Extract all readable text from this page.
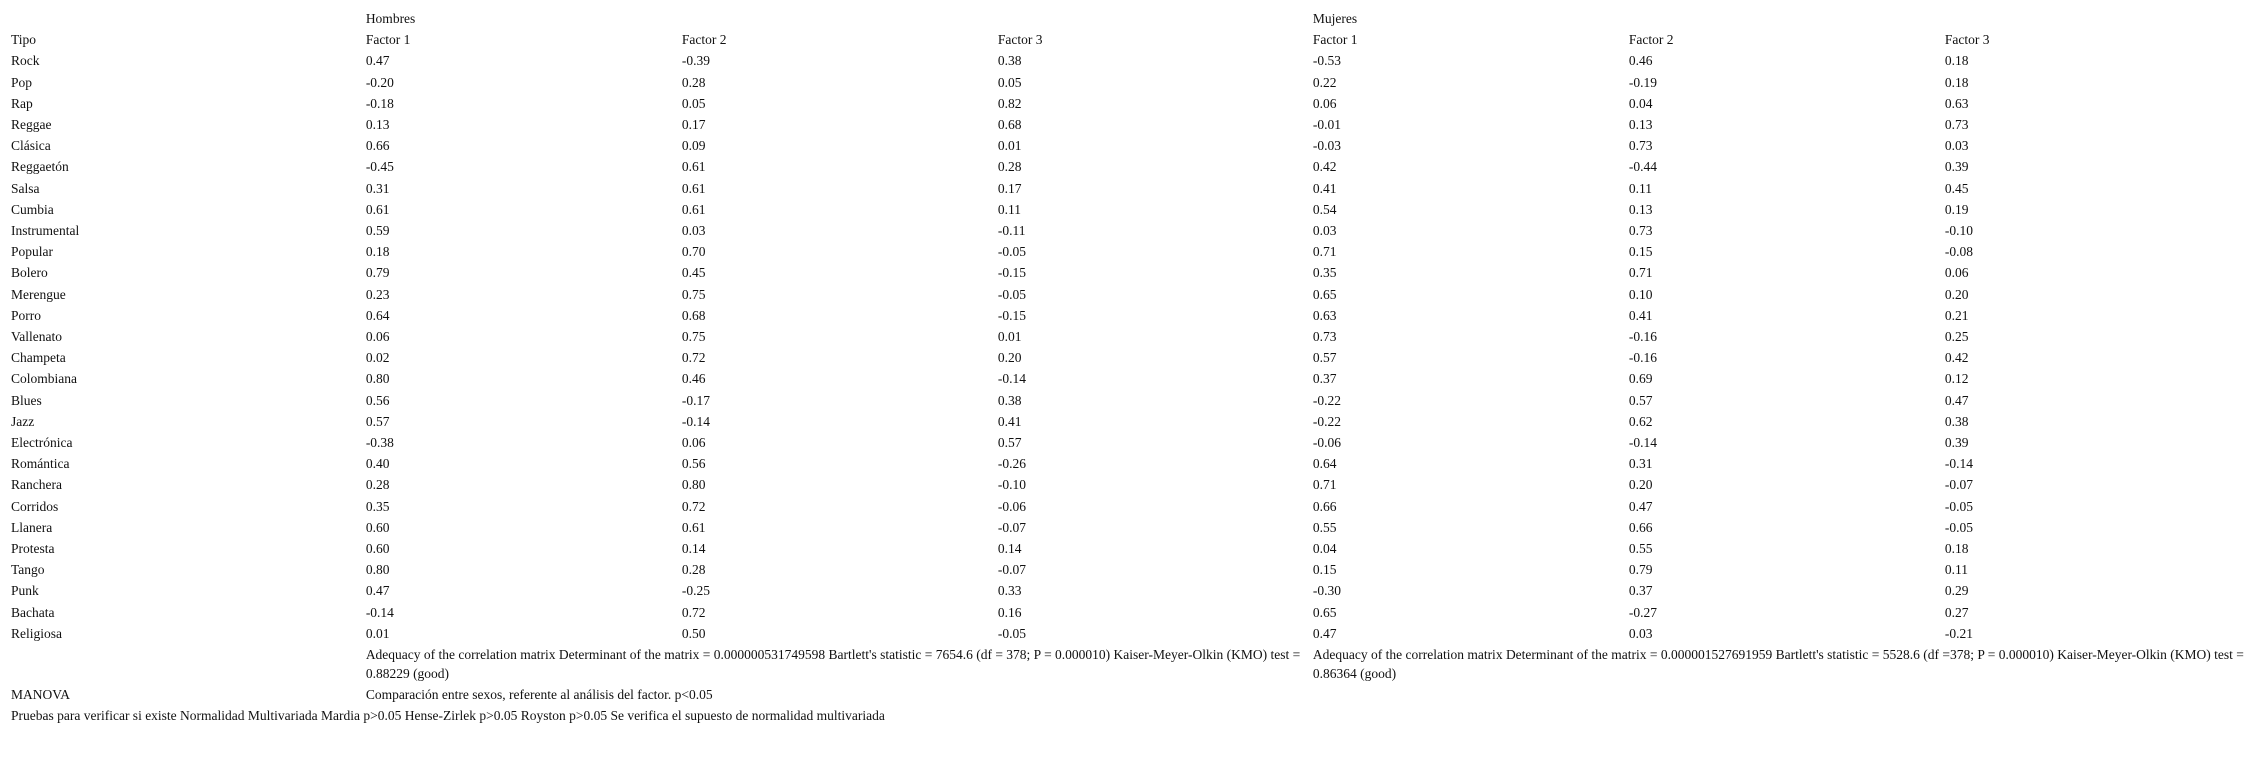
	Hombres			Mujeres		
Tipo	Factor 1	Factor 2	Factor 3	Factor 1	Factor 2	Factor 3
Rock	0.47	-0.39	0.38	-0.53	0.46	0.18
Pop	-0.20	0.28	0.05	0.22	-0.19	0.18
Rap	-0.18	0.05	0.82	0.06	0.04	0.63
Reggae	0.13	0.17	0.68	-0.01	0.13	0.73
Clásica	0.66	0.09	0.01	-0.03	0.73	0.03
Reggaetón	-0.45	0.61	0.28	0.42	-0.44	0.39
Salsa	0.31	0.61	0.17	0.41	0.11	0.45
Cumbia	0.61	0.61	0.11	0.54	0.13	0.19
Instrumental	0.59	0.03	-0.11	0.03	0.73	-0.10
Popular	0.18	0.70	-0.05	0.71	0.15	-0.08
Bolero	0.79	0.45	-0.15	0.35	0.71	0.06
Merengue	0.23	0.75	-0.05	0.65	0.10	0.20
Porro	0.64	0.68	-0.15	0.63	0.41	0.21
Vallenato	0.06	0.75	0.01	0.73	-0.16	0.25
Champeta	0.02	0.72	0.20	0.57	-0.16	0.42
Colombiana	0.80	0.46	-0.14	0.37	0.69	0.12
Blues	0.56	-0.17	0.38	-0.22	0.57	0.47
Jazz	0.57	-0.14	0.41	-0.22	0.62	0.38
Electrónica	-0.38	0.06	0.57	-0.06	-0.14	0.39
Romántica	0.40	0.56	-0.26	0.64	0.31	-0.14
Ranchera	0.28	0.80	-0.10	0.71	0.20	-0.07
Corridos	0.35	0.72	-0.06	0.66	0.47	-0.05
Llanera	0.60	0.61	-0.07	0.55	0.66	-0.05
Protesta	0.60	0.14	0.14	0.04	0.55	0.18
Tango	0.80	0.28	-0.07	0.15	0.79	0.11
Punk	0.47	-0.25	0.33	-0.30	0.37	0.29
Bachata	-0.14	0.72	0.16	0.65	-0.27	0.27
Religiosa	0.01	0.50	-0.05	0.47	0.03	-0.21
	Adequacy of the correlation matrix Determinant of the matrix = 0.000000531749598 Bartlett's statistic = 7654.6 (df = 378; P = 0.000010) Kaiser-Meyer-Olkin (KMO) test = 0.88229 (good)			Adequacy of the correlation matrix Determinant of the matrix = 0.000001527691959 Bartlett's statistic = 5528.6 (df =378; P = 0.000010) Kaiser-Meyer-Olkin (KMO) test = 0.86364 (good)		
MANOVA	Comparación entre sexos, referente al análisis del factor. p<0.05					
Pruebas para verificar si existe Normalidad Multivariada Mardia p>0.05 Hense-Zirlek p>0.05 Royston p>0.05 Se verifica el supuesto de normalidad multivariada
